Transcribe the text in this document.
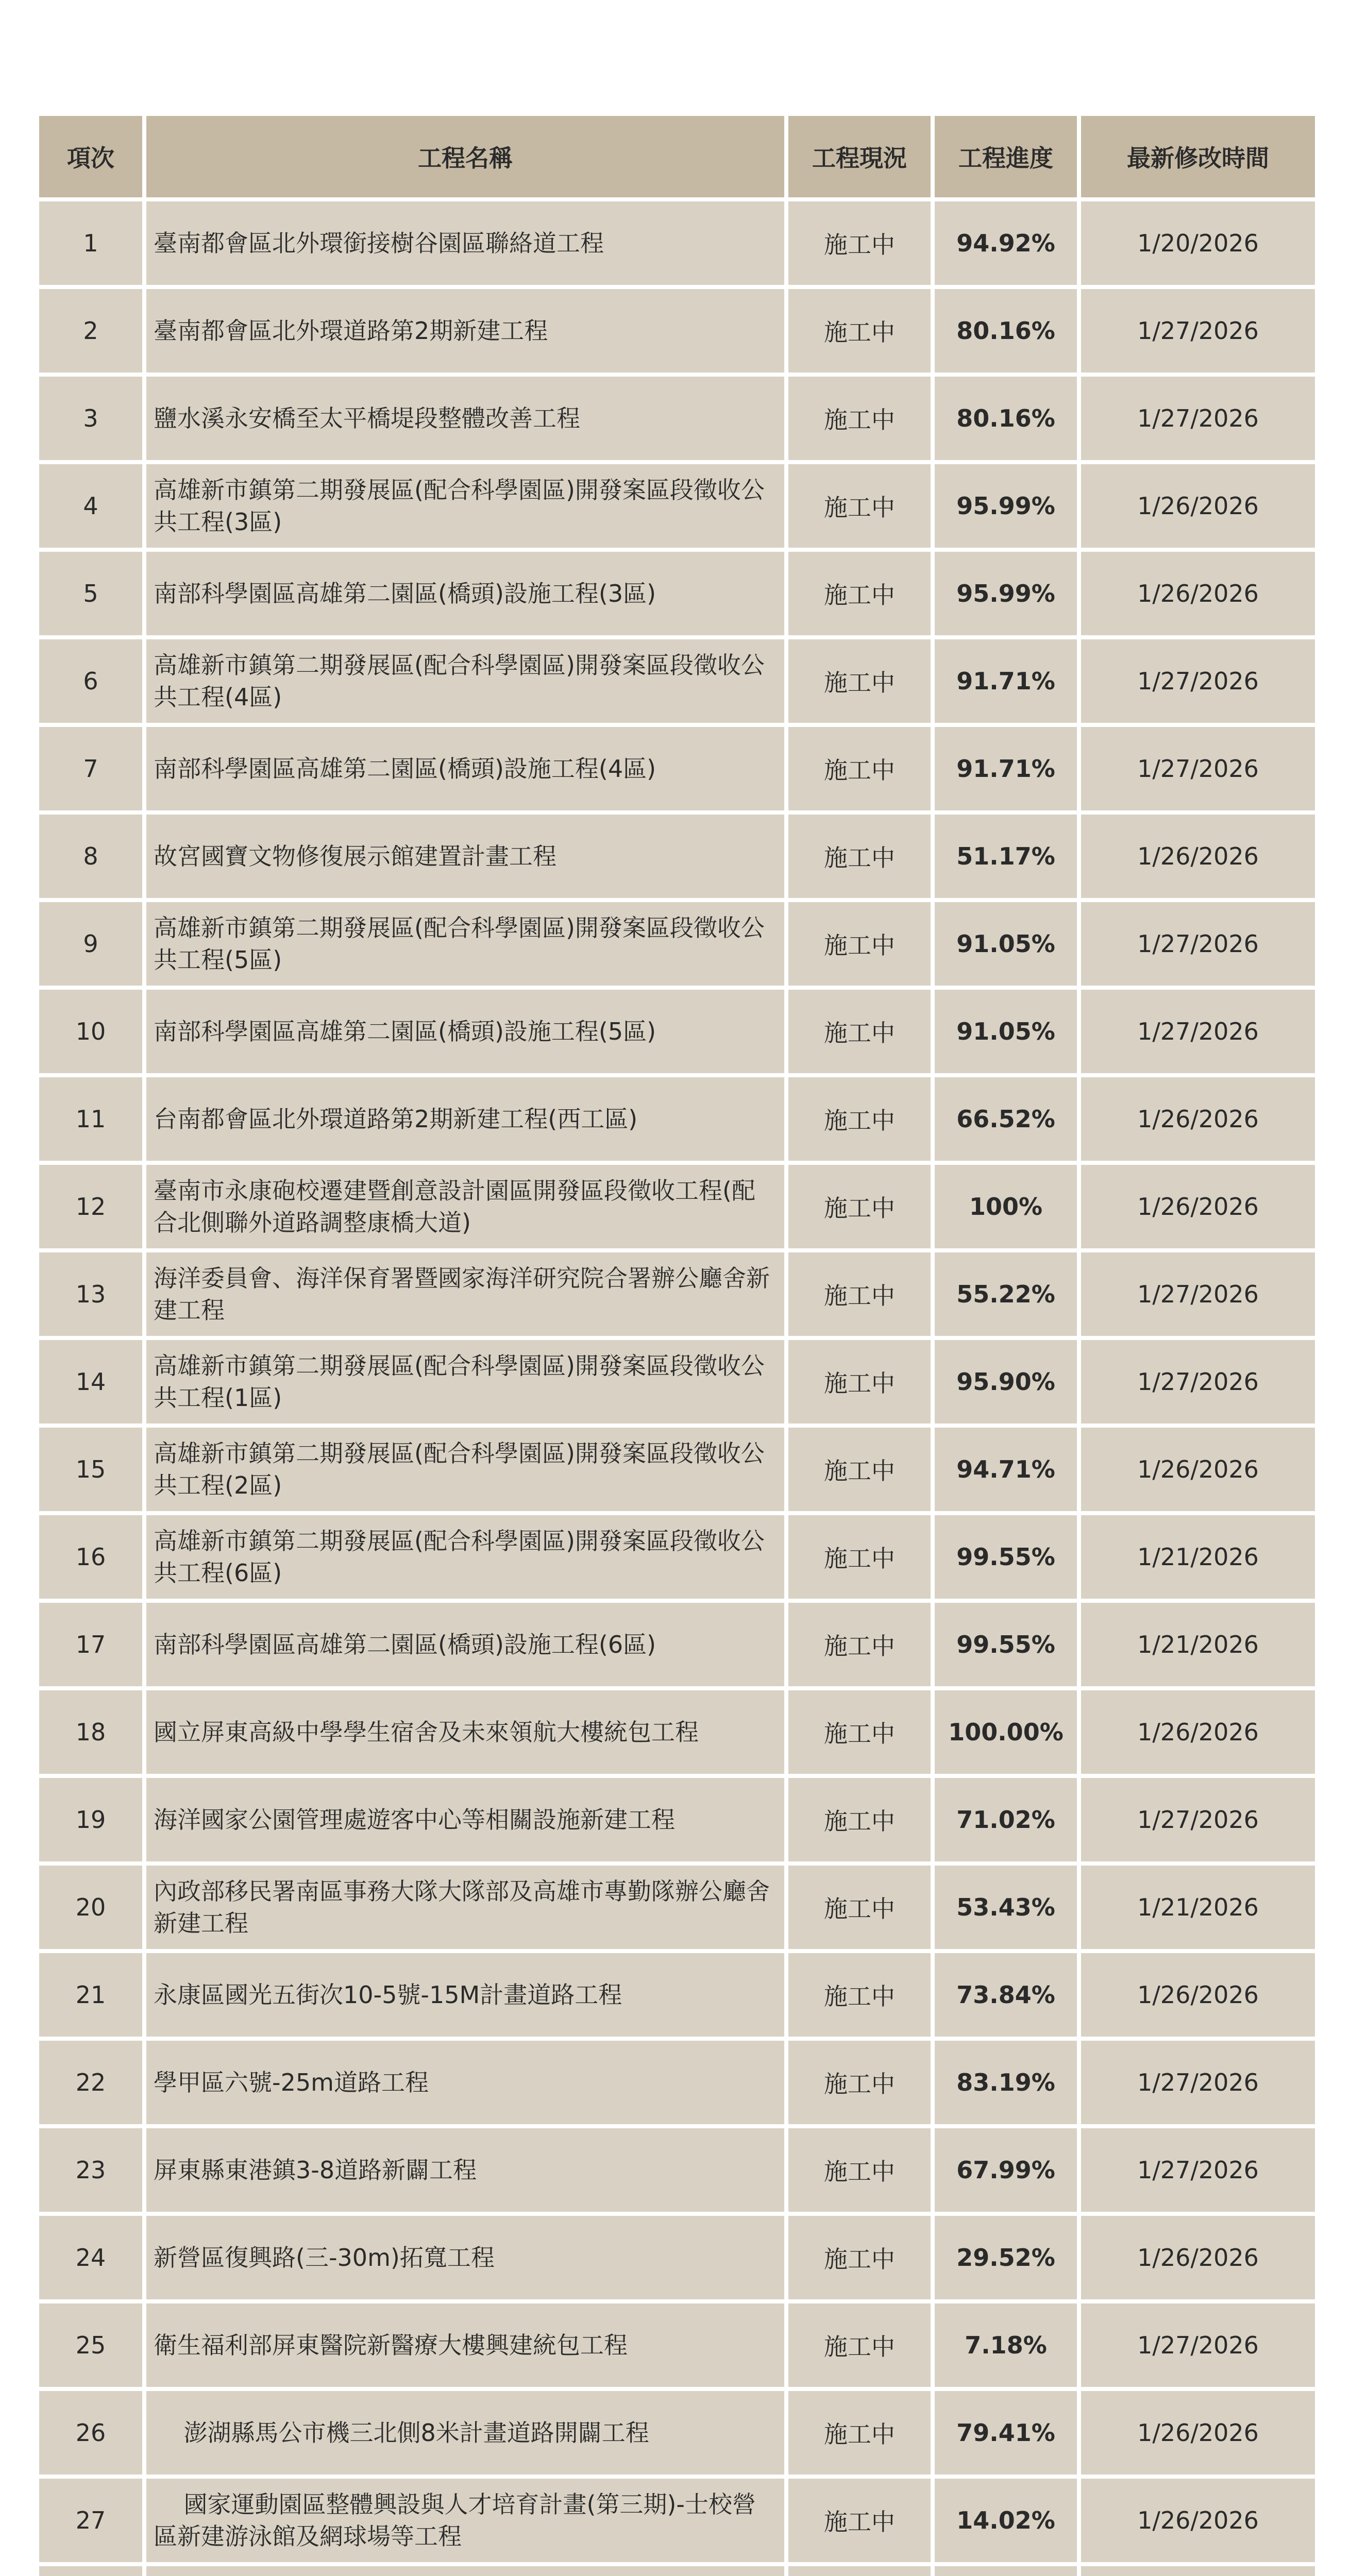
項次	工程名稱	工程現況	工程進度	最新修改時間
1	臺南都會區北外環銜接樹谷園區聯絡道工程	施工中	94.92%	1/20/2026
2	臺南都會區北外環道路第2期新建工程	施工中	80.16%	1/27/2026
3	鹽水溪永安橋至太平橋堤段整體改善工程	施工中	80.16%	1/27/2026
4	高雄新市鎮第二期發展區(配合科學園區)開發案區段徵收公共工程(3區)	施工中	95.99%	1/26/2026
5	南部科學園區高雄第二園區(橋頭)設施工程(3區)	施工中	95.99%	1/26/2026
6	高雄新市鎮第二期發展區(配合科學園區)開發案區段徵收公共工程(4區)	施工中	91.71%	1/27/2026
7	南部科學園區高雄第二園區(橋頭)設施工程(4區)	施工中	91.71%	1/27/2026
8	故宮國寶文物修復展示館建置計畫工程	施工中	51.17%	1/26/2026
9	高雄新市鎮第二期發展區(配合科學園區)開發案區段徵收公共工程(5區)	施工中	91.05%	1/27/2026
10	南部科學園區高雄第二園區(橋頭)設施工程(5區)	施工中	91.05%	1/27/2026
11	台南都會區北外環道路第2期新建工程(西工區)	施工中	66.52%	1/26/2026
12	臺南市永康砲校遷建暨創意設計園區開發區段徵收工程(配合北側聯外道路調整康橋大道)	施工中	100%	1/26/2026
13	海洋委員會、海洋保育署暨國家海洋研究院合署辦公廳舍新建工程	施工中	55.22%	1/27/2026
14	高雄新市鎮第二期發展區(配合科學園區)開發案區段徵收公共工程(1區)	施工中	95.90%	1/27/2026
15	高雄新市鎮第二期發展區(配合科學園區)開發案區段徵收公共工程(2區)	施工中	94.71%	1/26/2026
16	高雄新市鎮第二期發展區(配合科學園區)開發案區段徵收公共工程(6區)	施工中	99.55%	1/21/2026
17	南部科學園區高雄第二園區(橋頭)設施工程(6區)	施工中	99.55%	1/21/2026
18	國立屏東高級中學學生宿舍及未來領航大樓統包工程	施工中	100.00%	1/26/2026
19	海洋國家公園管理處遊客中心等相關設施新建工程	施工中	71.02%	1/27/2026
20	內政部移民署南區事務大隊大隊部及高雄市專勤隊辦公廳舍新建工程	施工中	53.43%	1/21/2026
21	永康區國光五街次10-5號-15M計畫道路工程	施工中	73.84%	1/26/2026
22	學甲區六號-25m道路工程	施工中	83.19%	1/27/2026
23	屏東縣東港鎮3-8道路新闢工程	施工中	67.99%	1/27/2026
24	新營區復興路(三-30m)拓寬工程	施工中	29.52%	1/26/2026
25	衛生福利部屏東醫院新醫療大樓興建統包工程	施工中	7.18%	1/27/2026
26	澎湖縣馬公市機三北側8米計畫道路開闢工程	施工中	79.41%	1/26/2026
27	國家運動園區整體興設與人才培育計畫(第三期)-士校營區新建游泳館及網球場等工程	施工中	14.02%	1/26/2026
